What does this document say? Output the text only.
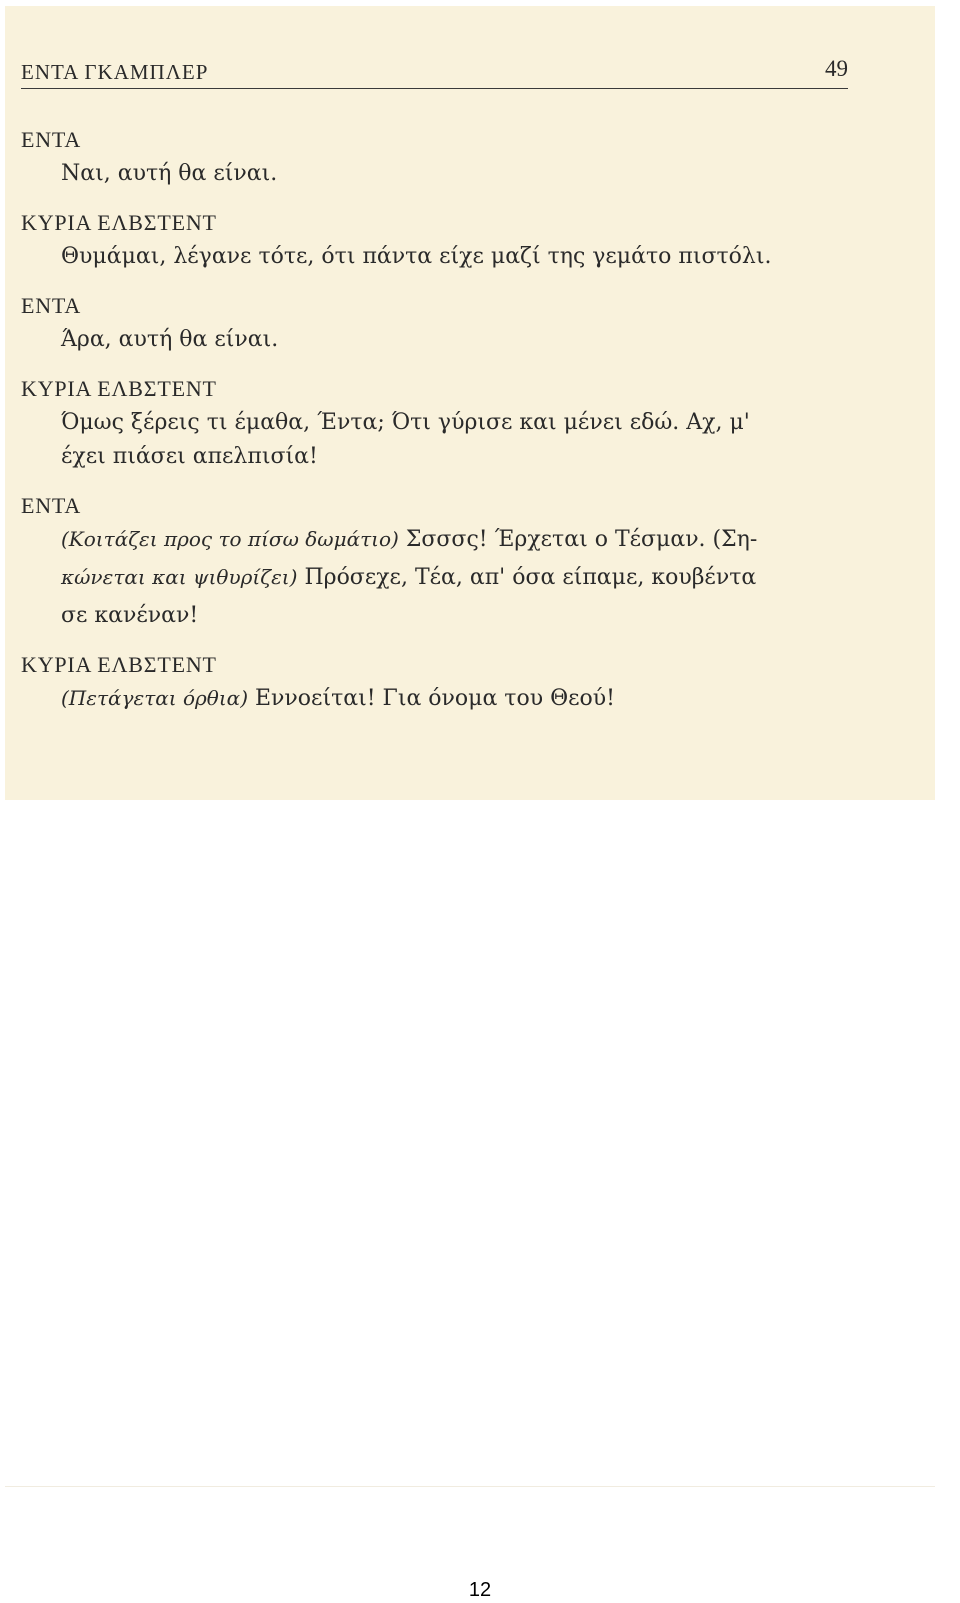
ΕΝΤΑ ΓΚΑΜΠΛΕΡ	49
ΕΝΤΑ
Ναι, αυτή θα είναι.
ΚΥΡΙΑ ΕΛΒΣΤΕΝΤ
Θυμάμαι, λέγανε τότε, ότι πάντα είχε μαζί της γεμάτο πιστόλι.
ΕΝΤΑ
Άρα, αυτή θα είναι.
ΚΥΡΙΑ ΕΛΒΣΤΕΝΤ
Όμως ξέρεις τι έμαθα, Έντα; Ότι γύρισε και μένει εδώ. Αχ, μ'
έχει πιάσει απελπισία!
ΕΝΤΑ
(Κοιτάζει προς το πίσω δωμάτιο) Σσσσς! Έρχεται ο Τέσμαν. (Ση-
κώνεται και ψιθυρίζει) Πρόσεχε, Τέα, απ' όσα είπαμε, κουβέντα
σε κανέναν!
ΚΥΡΙΑ ΕΛΒΣΤΕΝΤ
(Πετάγεται όρθια) Εννοείται! Για όνομα του Θεού!
12
